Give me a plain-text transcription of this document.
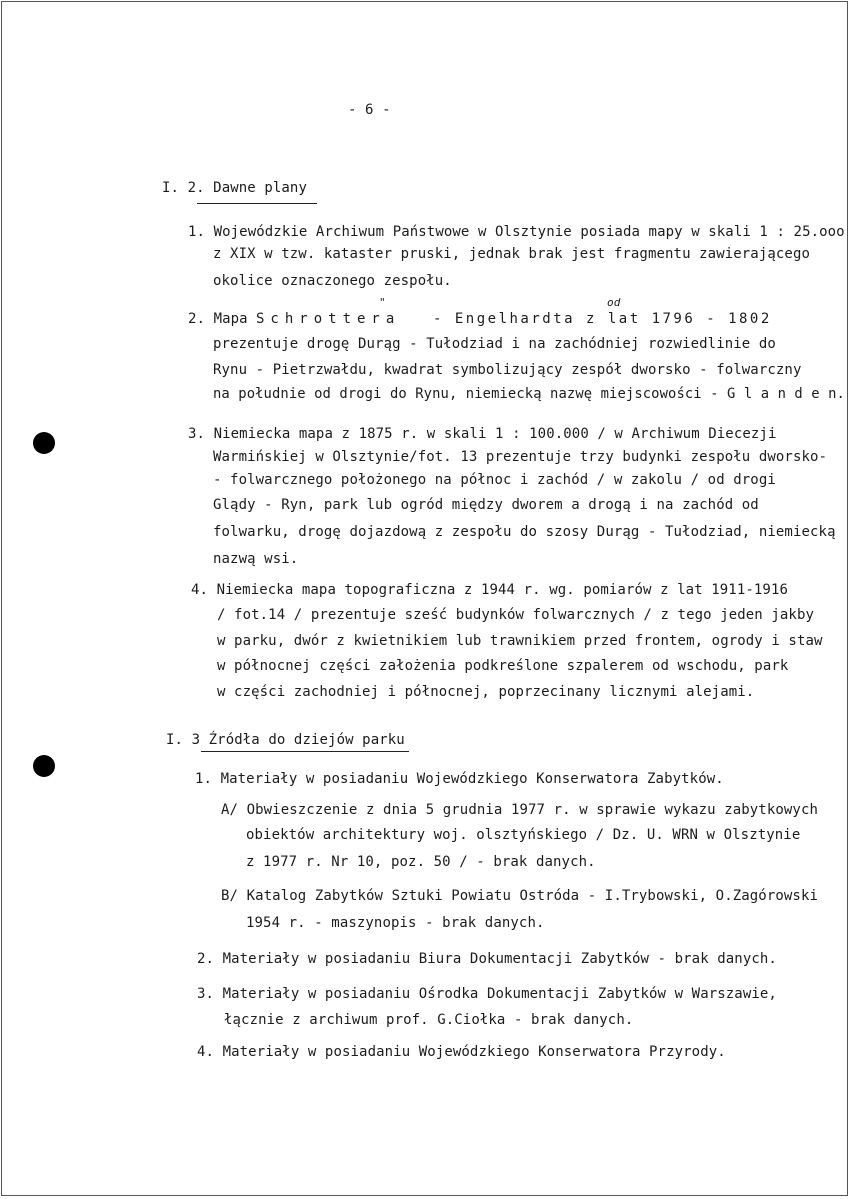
- 6 -
I. 2. Dawne plany
1. Wojewódzkie Archiwum Państwowe w Olsztynie posiada mapy w skali 1 : 25.ooo
z XIX w tzw. kataster pruski, jednak brak jest fragmentu zawierającego
okolice oznaczonego zespołu.
"	od
2. Mapa Schrottera - Engelhardta z lat 1796 - 1802
prezentuje drogę Durąg - Tułodziad i na zachódniej rozwiedlinie do
Rynu - Pietrzwałdu, kwadrat symbolizujący zespół dworsko - folwarczny
na południe od drogi do Rynu, niemiecką nazwę miejscowości - G l a n d e n.
3. Niemiecka mapa z 1875 r. w skali 1 : 100.000 / w Archiwum Diecezji
Warmińskiej w Olsztynie/fot. 13 prezentuje trzy budynki zespołu dworsko-
- folwarcznego położonego na północ i zachód / w zakolu / od drogi
Glądy - Ryn, park lub ogród między dworem a drogą i na zachód od
folwarku, drogę dojazdową z zespołu do szosy Durąg - Tułodziad, niemiecką
nazwą wsi.
4. Niemiecka mapa topograficzna z 1944 r. wg. pomiarów z lat 1911-1916
/ fot.14 / prezentuje sześć budynków folwarcznych / z tego jeden jakby
w parku, dwór z kwietnikiem lub trawnikiem przed frontem, ogrody i staw
w północnej części założenia podkreślone szpalerem od wschodu, park
w części zachodniej i północnej, poprzecinany licznymi alejami.
I. 3 Źródła do dziejów parku
1. Materiały w posiadaniu Wojewódzkiego Konserwatora Zabytków.
A/ Obwieszczenie z dnia 5 grudnia 1977 r. w sprawie wykazu zabytkowych
obiektów architektury woj. olsztyńskiego / Dz. U. WRN w Olsztynie
z 1977 r. Nr 10, poz. 50 / - brak danych.
B/ Katalog Zabytków Sztuki Powiatu Ostróda - I.Trybowski, O.Zagórowski
1954 r. - maszynopis - brak danych.
2. Materiały w posiadaniu Biura Dokumentacji Zabytków - brak danych.
3. Materiały w posiadaniu Ośrodka Dokumentacji Zabytków w Warszawie,
łącznie z archiwum prof. G.Ciołka - brak danych.
4. Materiały w posiadaniu Wojewódzkiego Konserwatora Przyrody.
